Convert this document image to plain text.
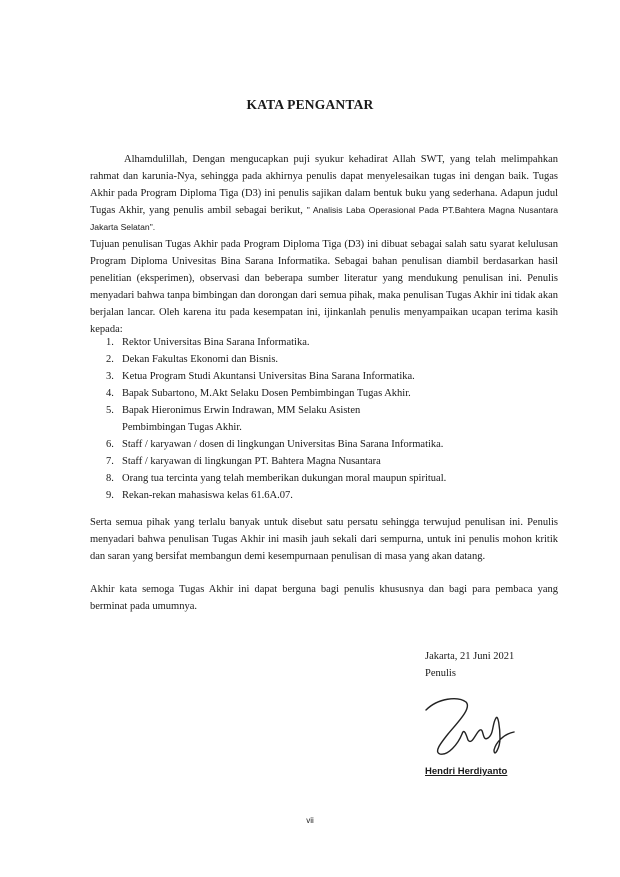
KATA PENGANTAR

Alhamdulillah, Dengan mengucapkan puji syukur kehadirat Allah SWT, yang telah melimpahkan rahmat dan karunia-Nya, sehingga pada akhirnya penulis dapat menyelesaikan tugas ini dengan baik. Tugas Akhir pada Program Diploma Tiga (D3) ini penulis sajikan dalam bentuk buku yang sederhana. Adapun judul Tugas Akhir, yang penulis ambil sebagai berikut, " Analisis Laba Operasional Pada PT.Bahtera Magna Nusantara Jakarta Selatan".

Tujuan penulisan Tugas Akhir pada Program Diploma Tiga (D3) ini dibuat sebagai salah satu syarat kelulusan Program Diploma Univesitas Bina Sarana Informatika. Sebagai bahan penulisan diambil berdasarkan hasil penelitian (eksperimen), observasi dan beberapa sumber literatur yang mendukung penulisan ini. Penulis menyadari bahwa tanpa bimbingan dan dorongan dari semua pihak, maka penulisan Tugas Akhir ini tidak akan berjalan lancar. Oleh karena itu pada kesempatan ini, ijinkanlah penulis menyampaikan ucapan terima kasih kepada:
1. Rektor Universitas Bina Sarana Informatika.
2. Dekan Fakultas Ekonomi dan Bisnis.
3. Ketua Program Studi Akuntansi Universitas Bina Sarana Informatika.
4. Bapak Subartono, M.Akt Selaku Dosen Pembimbingan Tugas Akhir.
5. Bapak Hieronimus Erwin Indrawan, MM Selaku Asisten Pembimbingan Tugas Akhir.
6. Staff / karyawan / dosen di lingkungan Universitas Bina Sarana Informatika.
7. Staff / karyawan di lingkungan PT. Bahtera Magna Nusantara
8. Orang tua tercinta yang telah memberikan dukungan moral maupun spiritual.
9. Rekan-rekan mahasiswa kelas 61.6A.07.
Serta semua pihak yang terlalu banyak untuk disebut satu persatu sehingga terwujud penulisan ini. Penulis menyadari bahwa penulisan Tugas Akhir ini masih jauh sekali dari sempurna, untuk ini penulis mohon kritik dan saran yang bersifat membangun demi kesempurnaan penulisan di masa yang akan datang.
Akhir kata semoga Tugas Akhir ini dapat berguna bagi penulis khususnya dan bagi para pembaca yang berminat pada umumnya.
Jakarta, 21 Juni 2021
Penulis
Hendri Herdiyanto
vii
